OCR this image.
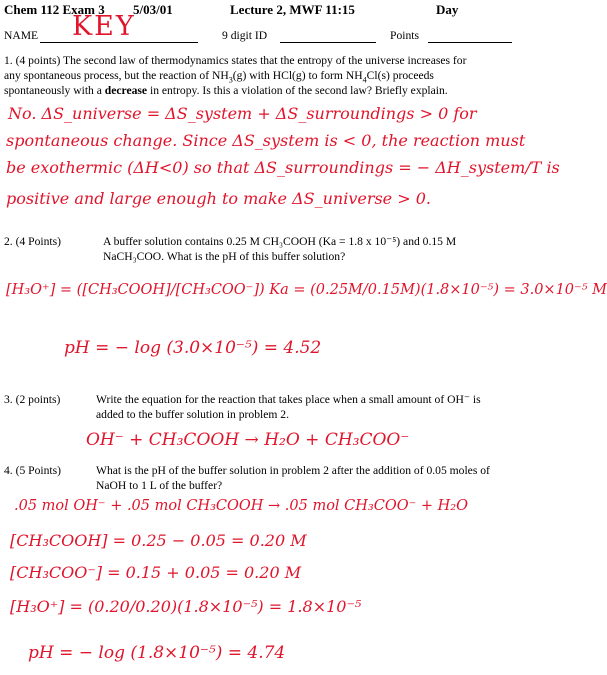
Chem 112 Exam 3 5/03/01	Lecture 2, MWF 11:15	Day
NAME KEY	9 digit ID	Points
1. (4 points) The second law of thermodynamics states that the entropy of the universe increases for
any spontaneous process, but the reaction of $NH_3(g)$ with HCl(g) to form $NH_4Cl(s)$ proceeds
spontaneously with a decrease in entropy. Is this a violation of the second law? Briefly explain.
No. ΔS_universe = ΔS_system + ΔS_surroundings > 0 for
spontaneous change. Since ΔS_system is < 0, the reaction must
be exothermic (ΔH<0) so that ΔS_surroundings = − ΔH_system/T is
positive and large enough to make ΔS_universe > 0.
2. (4 Points)	A buffer solution contains 0.25 M CH₃COOH (Ka = 1.8 x 10⁻⁵) and 0.15 M
NaCH₃COO. What is the pH of this buffer solution?
[H₃O⁺] = ([CH₃COOH]/[CH₃COO⁻]) Ka = (0.25M/0.15M)(1.8×10⁻⁵) = 3.0×10⁻⁵ M
pH = − log (3.0×10⁻⁵) = 4.52
3. (2 points)	Write the equation for the reaction that takes place when a small amount of OH⁻ is
added to the buffer solution in problem 2.
OH⁻ + CH₃COOH → H₂O + CH₃COO⁻
4. (5 Points)	What is the pH of the buffer solution in problem 2 after the addition of 0.05 moles of
NaOH to 1 L of the buffer?
.05 mol OH⁻ + .05 mol CH₃COOH → .05 mol CH₃COO⁻ + H₂O
[CH₃COOH] = 0.25 − 0.05 = 0.20 M
[CH₃COO⁻] = 0.15 + 0.05 = 0.20 M
[H₃O⁺] = (0.20/0.20)(1.8×10⁻⁵) = 1.8×10⁻⁵
pH = − log (1.8×10⁻⁵) = 4.74
